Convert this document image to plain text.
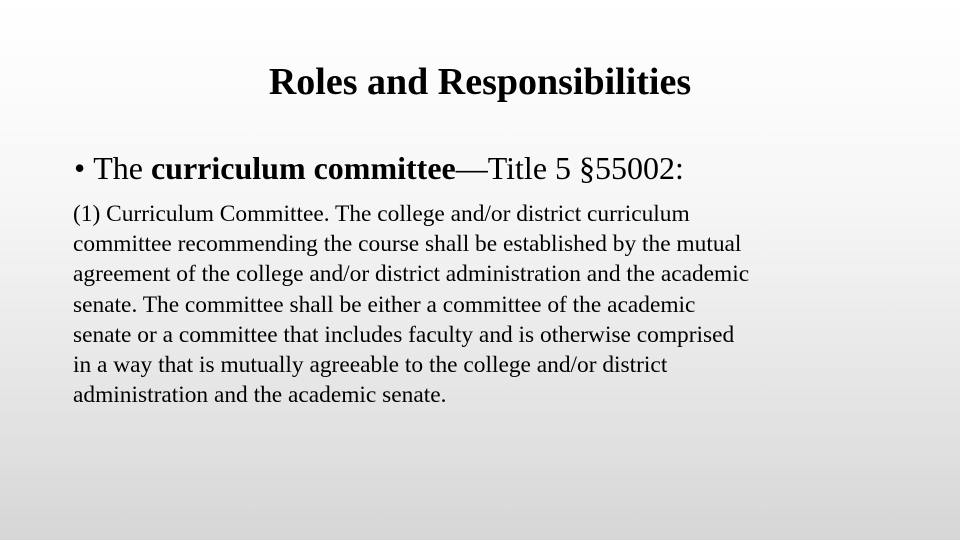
Roles and Responsibilities
• The curriculum committee—Title 5 §55002:
(1) Curriculum Committee. The college and/or district curriculum
committee recommending the course shall be established by the mutual
agreement of the college and/or district administration and the academic
senate. The committee shall be either a committee of the academic
senate or a committee that includes faculty and is otherwise comprised
in a way that is mutually agreeable to the college and/or district
administration and the academic senate.
